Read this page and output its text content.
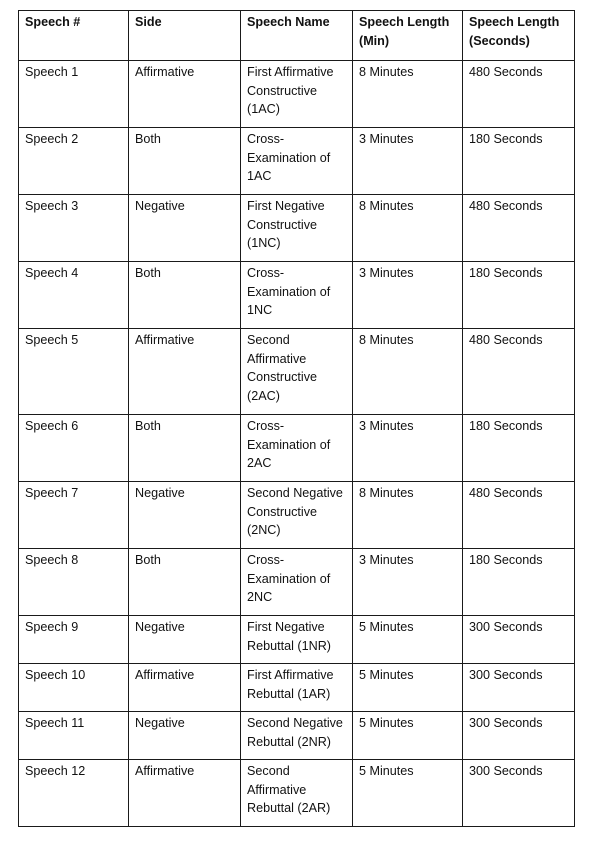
Speech #	Side	Speech Name	Speech Length (Min)	Speech Length (Seconds)
Speech 1	Affirmative	First Affirmative Constructive (1AC)	8 Minutes	480 Seconds
Speech 2	Both	Cross-Examination of 1AC	3 Minutes	180 Seconds
Speech 3	Negative	First Negative Constructive (1NC)	8 Minutes	480 Seconds
Speech 4	Both	Cross-Examination of 1NC	3 Minutes	180 Seconds
Speech 5	Affirmative	Second Affirmative Constructive (2AC)	8 Minutes	480 Seconds
Speech 6	Both	Cross-Examination of 2AC	3 Minutes	180 Seconds
Speech 7	Negative	Second Negative Constructive (2NC)	8 Minutes	480 Seconds
Speech 8	Both	Cross-Examination of 2NC	3 Minutes	180 Seconds
Speech 9	Negative	First Negative Rebuttal (1NR)	5 Minutes	300 Seconds
Speech 10	Affirmative	First Affirmative Rebuttal (1AR)	5 Minutes	300 Seconds
Speech 11	Negative	Second Negative Rebuttal (2NR)	5 Minutes	300 Seconds
Speech 12	Affirmative	Second Affirmative Rebuttal (2AR)	5 Minutes	300 Seconds
